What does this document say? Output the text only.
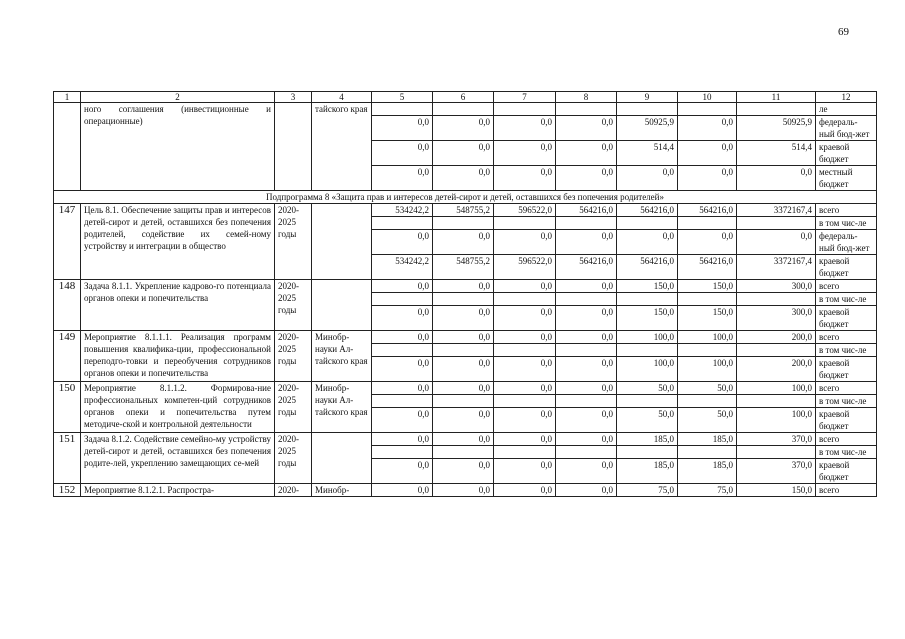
69
1	2	3	4	5	6	7	8	9	10	11	12
	ного соглашения (инвестиционные и операционные)		тайского края								ле
				0,0	0,0	0,0	0,0	50925,9	0,0	50925,9	федераль-ный бюд-жет
				0,0	0,0	0,0	0,0	514,4	0,0	514,4	краевой бюджет
				0,0	0,0	0,0	0,0	0,0	0,0	0,0	местный бюджет
Подпрограмма 8 «Защита прав и интересов детей-сирот и детей, оставшихся без попечения родителей»											
147	Цель 8.1. Обеспечение защиты прав и интересов детей-сирот и детей, оставшихся без попечения родителей, содействие их семей-ному устройству и интеграции в общество	2020-2025 годы		534242,2	548755,2	596522,0	564216,0	564216,0	564216,0	3372167,4	всего
											в том чис-ле
				0,0	0,0	0,0	0,0	0,0	0,0	0,0	федераль-ный бюд-жет
				534242,2	548755,2	596522,0	564216,0	564216,0	564216,0	3372167,4	краевой бюджет
148	Задача 8.1.1. Укрепление кадрово-го потенциала органов опеки и попечительства	2020-2025 годы		0,0	0,0	0,0	0,0	150,0	150,0	300,0	всего
											в том чис-ле
				0,0	0,0	0,0	0,0	150,0	150,0	300,0	краевой бюджет
149	Мероприятие 8.1.1.1. Реализация программ повышения квалифика-ции, профессиональной переподго-товки и переобучения сотрудников органов опеки и попечительства	2020-2025 годы	Минобр-науки Ал-тайского края	0,0	0,0	0,0	0,0	100,0	100,0	200,0	всего
											в том чис-ле
				0,0	0,0	0,0	0,0	100,0	100,0	200,0	краевой бюджет
150	Мероприятие 8.1.1.2. Формирова-ние профессиональных компетен-ций сотрудников органов опеки и попечительства путем методиче-ской и контрольной деятельности	2020-2025 годы	Минобр-науки Ал-тайского края	0,0	0,0	0,0	0,0	50,0	50,0	100,0	всего
											в том чис-ле
				0,0	0,0	0,0	0,0	50,0	50,0	100,0	краевой бюджет
151	Задача 8.1.2. Содействие семейно-му устройству детей-сирот и детей, оставшихся без попечения родите-лей, укреплению замещающих се-мей	2020-2025 годы		0,0	0,0	0,0	0,0	185,0	185,0	370,0	всего
											в том чис-ле
				0,0	0,0	0,0	0,0	185,0	185,0	370,0	краевой бюджет
152	Мероприятие 8.1.2.1. Распростра-	2020-	Минобр-	0,0	0,0	0,0	0,0	75,0	75,0	150,0	всего
